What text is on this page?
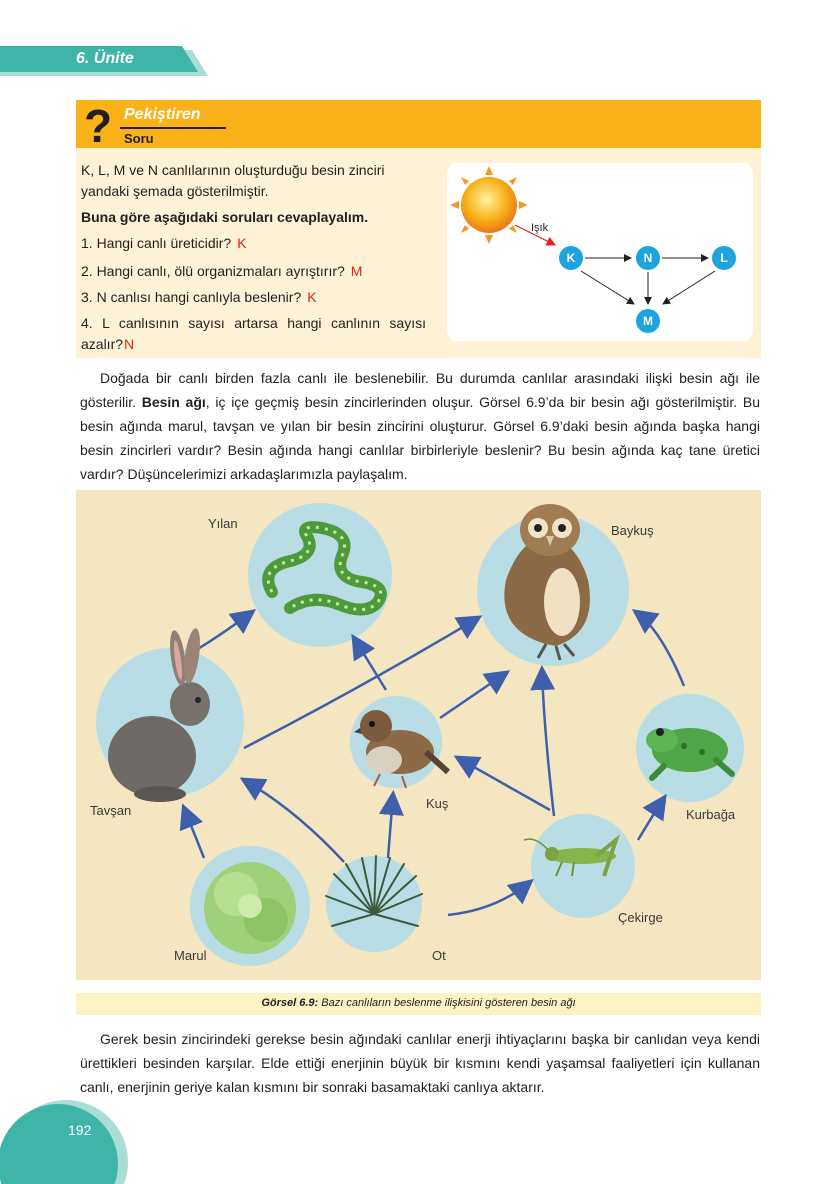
6. Ünite
? Pekiştiren
Soru
K, L, M ve N canlılarının oluşturduğu besin zinciri yandaki şemada gösterilmiştir.
Buna göre aşağıdaki soruları cevaplayalım.
1. Hangi canlı üreticidir? K
2. Hangi canlı, ölü organizmaları ayrıştırır? M
3. N canlısı hangi canlıyla beslenir? K
4. L canlısının sayısı artarsa hangi canlının sayısı azalır?N
Işık
K	N	L
M
Doğada bir canlı birden fazla canlı ile beslenebilir. Bu durumda canlılar arasındaki ilişki besin ağı ile gösterilir. Besin ağı, iç içe geçmiş besin zincirlerinden oluşur. Görsel 6.9’da bir besin ağı gösterilmiştir. Bu besin ağında marul, tavşan ve yılan bir besin zincirini oluşturur. Görsel 6.9’daki besin ağında başka hangi besin zincirleri vardır? Besin ağında hangi canlılar birbirleriyle beslenir? Bu besin ağında kaç tane üretici vardır? Düşüncelerimizi arkadaşlarımızla paylaşalım.
Yılan	Baykuş
Tavşan	Kuş
Kurbağa
Çekirge
Marul	Ot
Görsel 6.9: Bazı canlıların beslenme ilişkisini gösteren besin ağı
Gerek besin zincirindeki gerekse besin ağındaki canlılar enerji ihtiyaçlarını başka bir canlıdan veya kendi ürettikleri besinden karşılar. Elde ettiği enerjinin büyük bir kısmını kendi yaşamsal faaliyetleri için kullanan canlı, enerjinin geriye kalan kısmını bir sonraki basamaktaki canlıya aktarır.
192
